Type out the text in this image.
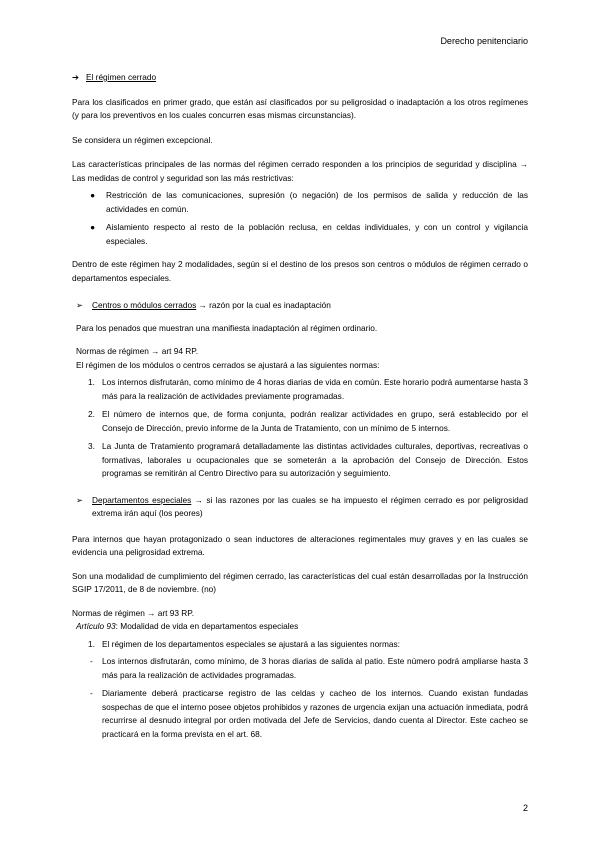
Derecho penitenciario
➔ El régimen cerrado

Para los clasificados en primer grado, que están así clasificados por su peligrosidad o inadaptación a los otros regímenes (y para los preventivos en los cuales concurren esas mismas circunstancias).

Se considera un régimen excepcional.

Las características principales de las normas del régimen cerrado responden a los principios de seguridad y disciplina → Las medidas de control y seguridad son las más restrictivas:

● Restricción de las comunicaciones, supresión (o negación) de los permisos de salida y reducción de las actividades en común.

● Aislamiento respecto al resto de la población reclusa, en celdas individuales, y con un control y vigilancia especiales.

Dentro de este régimen hay 2 modalidades, según si el destino de los presos son centros o módulos de régimen cerrado o departamentos especiales.

➢ Centros o módulos cerrados → razón por la cual es inadaptación

Para los penados que muestran una manifiesta inadaptación al régimen ordinario.

Normas de régimen → art 94 RP.

El régimen de los módulos o centros cerrados se ajustará a las siguientes normas:

1. Los internos disfrutarán, como mínimo de 4 horas diarias de vida en común. Este horario podrá aumentarse hasta 3 más para la realización de actividades previamente programadas.

2. El número de internos que, de forma conjunta, podrán realizar actividades en grupo, será establecido por el Consejo de Dirección, previo informe de la Junta de Tratamiento, con un mínimo de 5 internos.

3. La Junta de Tratamiento programará detalladamente las distintas actividades culturales, deportivas, recreativas o formativas, laborales u ocupacionales que se someterán a la aprobación del Consejo de Dirección. Estos programas se remitirán al Centro Directivo para su autorización y seguimiento.

➢ Departamentos especiales → si las razones por las cuales se ha impuesto el régimen cerrado es por peligrosidad extrema irán aquí (los peores)

Para internos que hayan protagonizado o sean inductores de alteraciones regimentales muy graves y en las cuales se evidencia una peligrosidad extrema.

Son una modalidad de cumplimiento del régimen cerrado, las características del cual están desarrolladas por la Instrucción SGIP 17/2011, de 8 de noviembre. (no)

Normas de régimen → art 93 RP.

Artículo 93: Modalidad de vida en departamentos especiales

1. El régimen de los departamentos especiales se ajustará a las siguientes normas:

- Los internos disfrutarán, como mínimo, de 3 horas diarias de salida al patio. Este número podrá ampliarse hasta 3 más para la realización de actividades programadas.

- Diariamente deberá practicarse registro de las celdas y cacheo de los internos. Cuando existan fundadas sospechas de que el interno posee objetos prohibidos y razones de urgencia exijan una actuación inmediata, podrá recurrirse al desnudo integral por orden motivada del Jefe de Servicios, dando cuenta al Director. Este cacheo se practicará en la forma prevista en el art. 68.

2
